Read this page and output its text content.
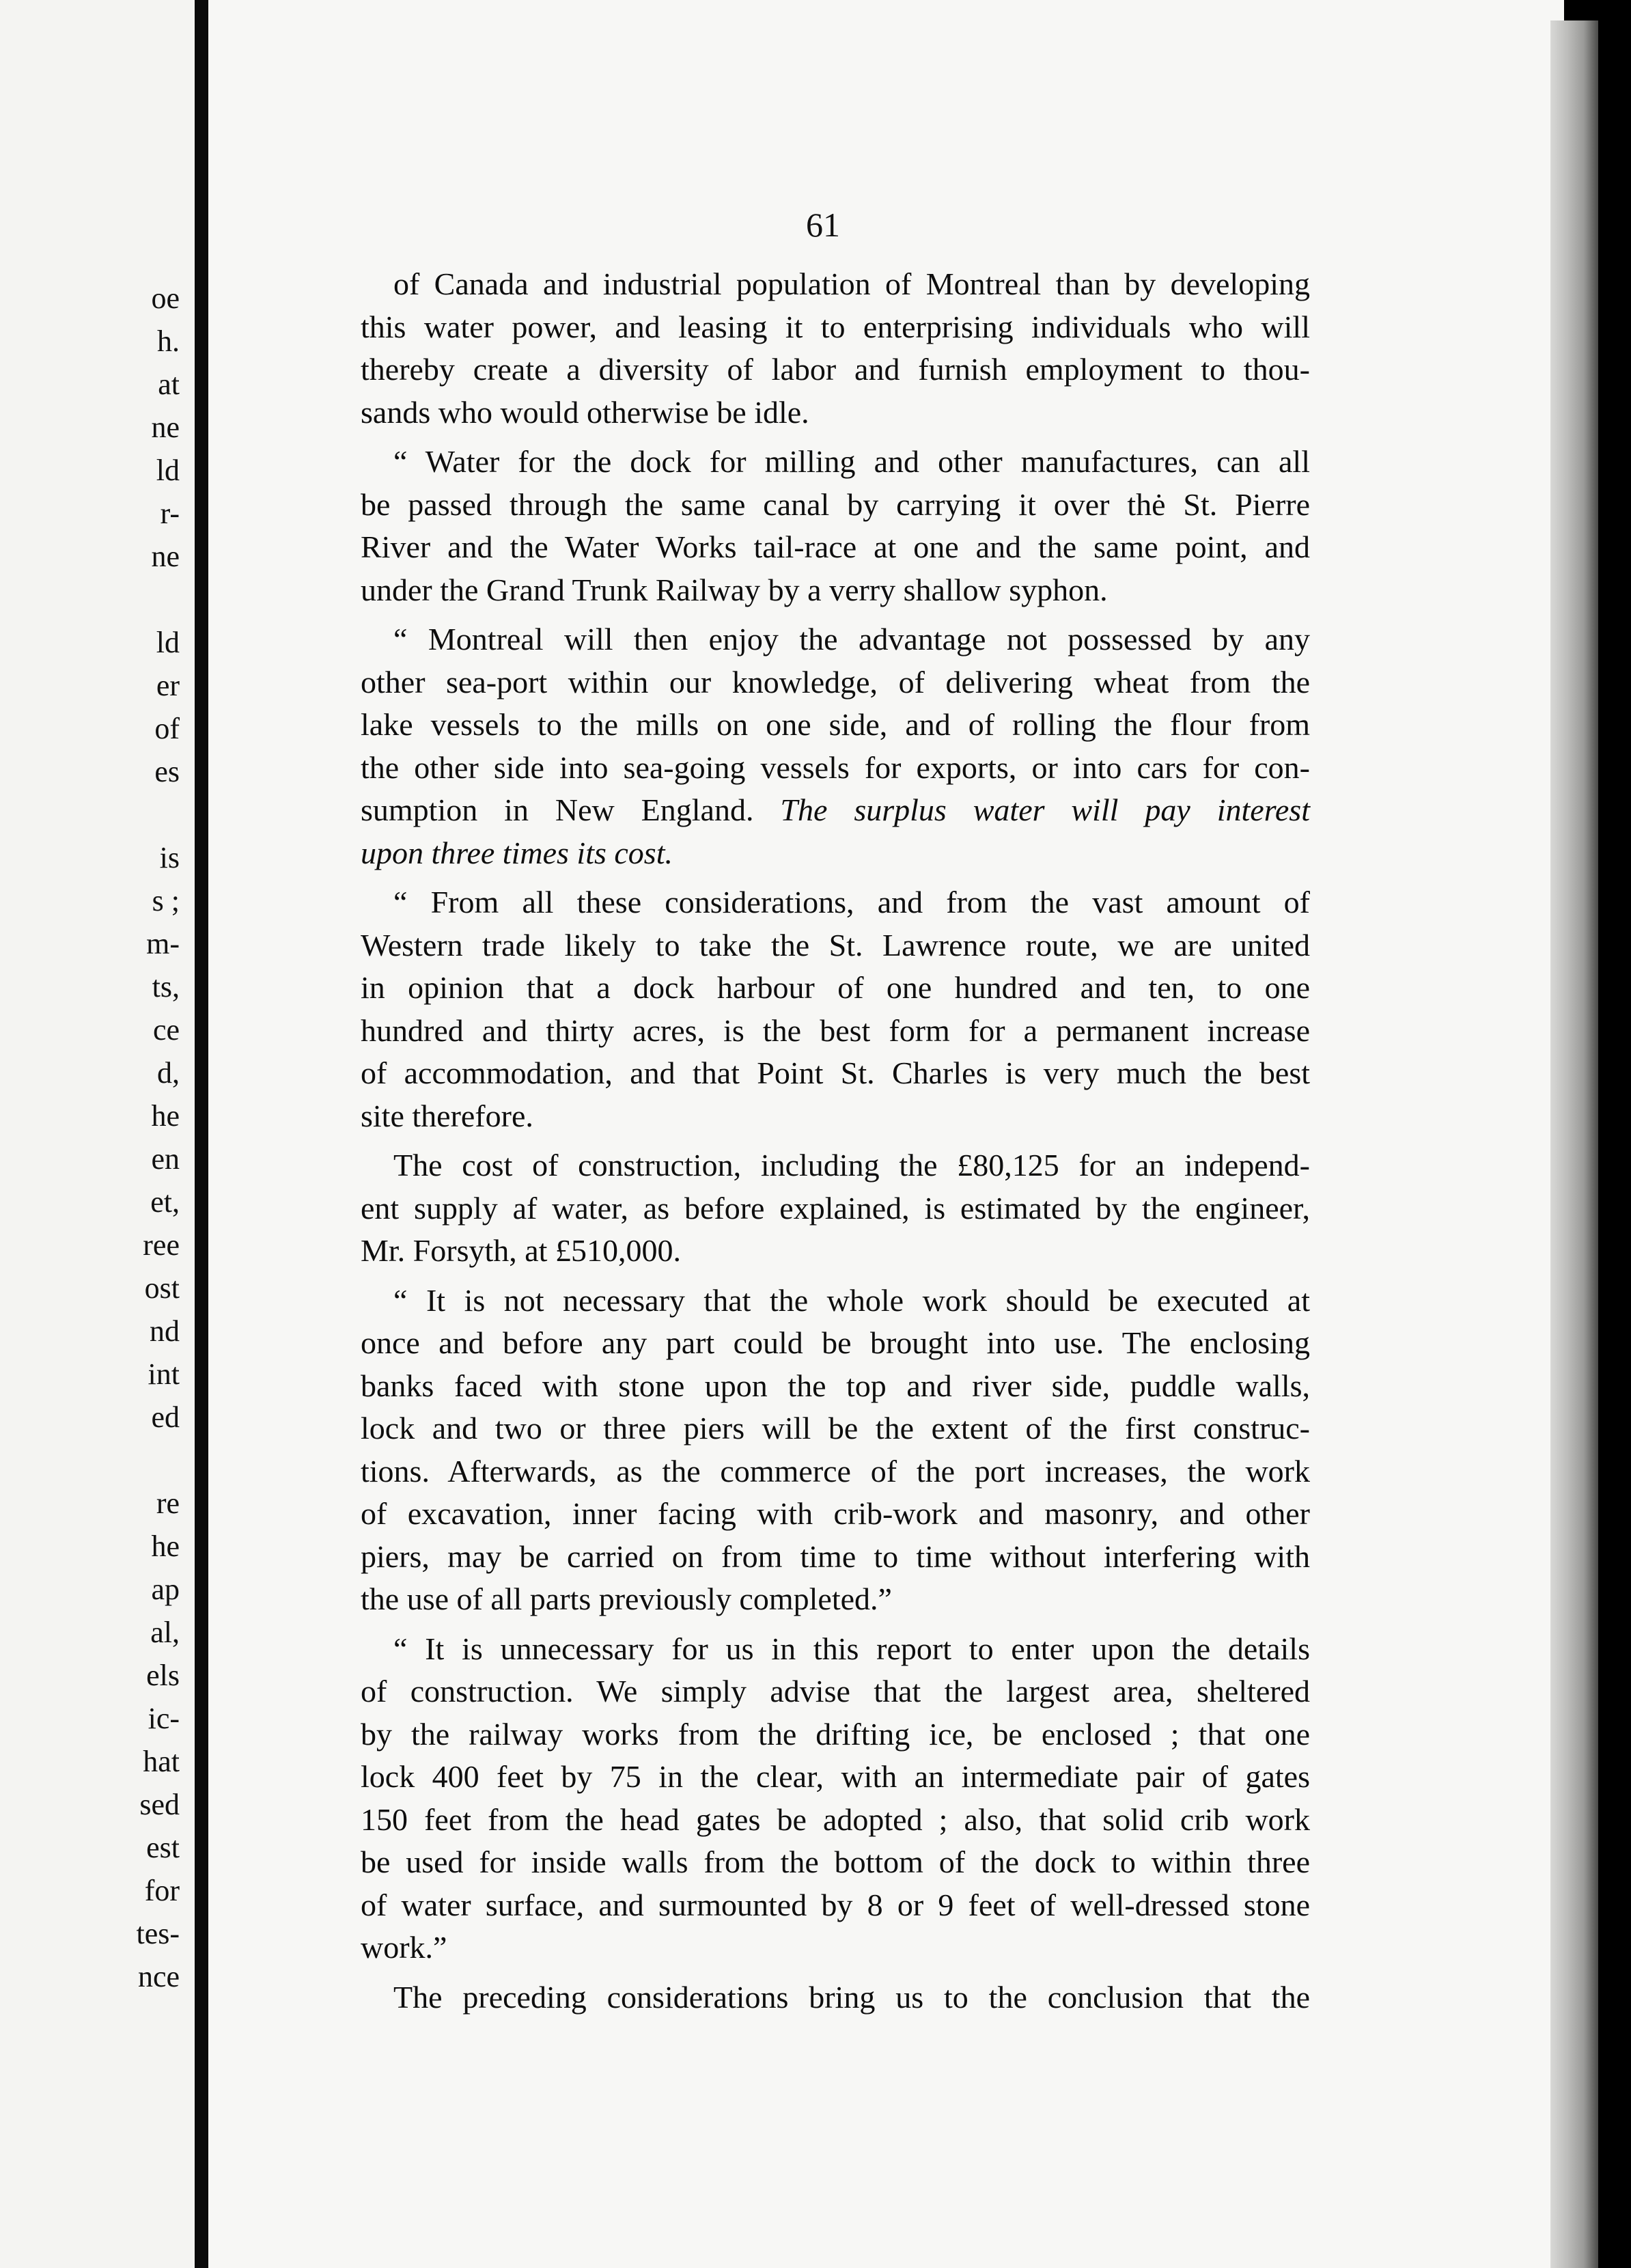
oe
h.
at
ne
ld
r-
ne
ld
er
of
es
is
s ;
m-
ts,
ce
d,
he
en
et,
ree
ost
nd
int
ed
re
he
ap
al,
els
ic-
hat
sed
est
for
tes-
nce
61

of Canada and industrial population of Montreal than by developing
this water power, and leasing it to enterprising individuals who will
thereby create a diversity of labor and furnish employment to thou-
sands who would otherwise be idle.

“ Water for the dock for milling and other manufactures, can all
be passed through the same canal by carrying it over thė St. Pierre
River and the Water Works tail-race at one and the same point, and
under the Grand Trunk Railway by a verry shallow syphon.

“ Montreal will then enjoy the advantage not possessed by any
other sea-port within our knowledge, of delivering wheat from the
lake vessels to the mills on one side, and of rolling the flour from
the other side into sea-going vessels for exports, or into cars for con-
sumption in New England. The surplus water will pay interest
upon three times its cost.

“ From all these considerations, and from the vast amount of
Western trade likely to take the St. Lawrence route, we are united
in opinion that a dock harbour of one hundred and ten, to one
hundred and thirty acres, is the best form for a permanent increase
of accommodation, and that Point St. Charles is very much the best
site therefore.

The cost of construction, including the £80,125 for an independ-
ent supply af water, as before explained, is estimated by the engineer,
Mr. Forsyth, at £510,000.

“ It is not necessary that the whole work should be executed at
once and before any part could be brought into use. The enclosing
banks faced with stone upon the top and river side, puddle walls,
lock and two or three piers will be the extent of the first construc-
tions. Afterwards, as the commerce of the port increases, the work
of excavation, inner facing with crib-work and masonry, and other
piers, may be carried on from time to time without interfering with
the use of all parts previously completed.”

“ It is unnecessary for us in this report to enter upon the details
of construction. We simply advise that the largest area, sheltered
by the railway works from the drifting ice, be enclosed ; that one
lock 400 feet by 75 in the clear, with an intermediate pair of gates
150 feet from the head gates be adopted ; also, that solid crib work
be used for inside walls from the bottom of the dock to within three
of water surface, and surmounted by 8 or 9 feet of well-dressed stone
work.”

The preceding considerations bring us to the conclusion that the
